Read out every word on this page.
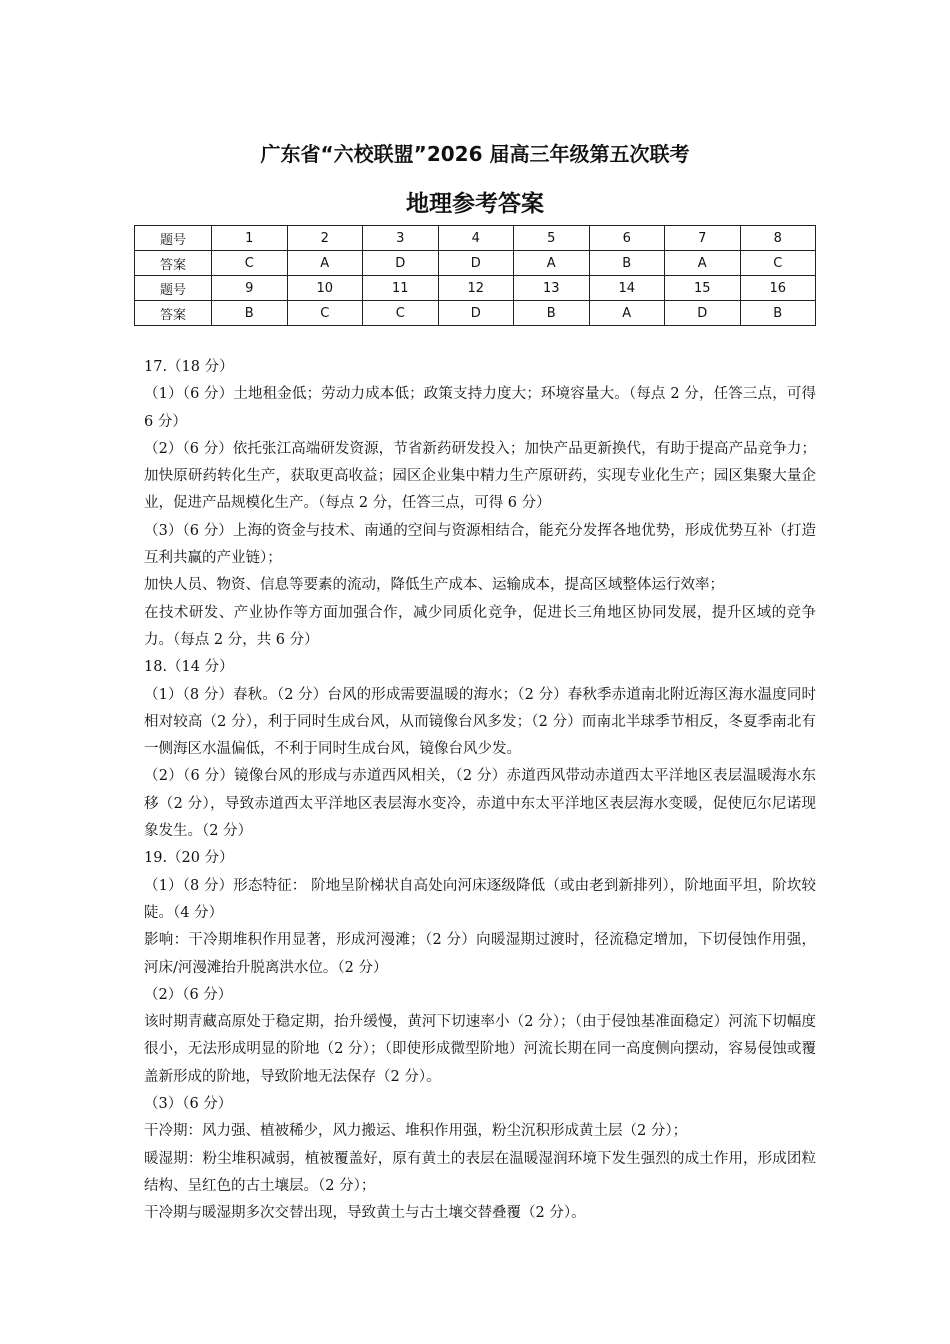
广东省“六校联盟”2026 届高三年级第五次联考
地理参考答案
题号	1	2	3	4	5	6	7	8
答案	C	A	D	D	A	B	A	C
题号	9	10	11	12	13	14	15	16
答案	B	C	C	D	B	A	D	B

17.（18 分）

（1）（6 分）土地租金低；劳动力成本低；政策支持力度大；环境容量大。（每点 2 分，任答三点，可得 6 分）

（2）（6 分）依托张江高端研发资源，节省新药研发投入；加快产品更新换代，有助于提高产品竞争力；加快原研药转化生产，获取更高收益；园区企业集中精力生产原研药，实现专业化生产；园区集聚大量企业，促进产品规模化生产。（每点 2 分，任答三点，可得 6 分）

（3）（6 分）上海的资金与技术、南通的空间与资源相结合，能充分发挥各地优势，形成优势互补（打造互利共赢的产业链）；

加快人员、物资、信息等要素的流动，降低生产成本、运输成本，提高区域整体运行效率；

在技术研发、产业协作等方面加强合作，减少同质化竞争，促进长三角地区协同发展，提升区域的竞争力。（每点 2 分，共 6 分）

18.（14 分）

（1）（8 分）春秋。（2 分）台风的形成需要温暖的海水；（2 分）春秋季赤道南北附近海区海水温度同时相对较高（2 分），利于同时生成台风，从而镜像台风多发；（2 分）而南北半球季节相反，冬夏季南北有一侧海区水温偏低，不利于同时生成台风，镜像台风少发。

（2）（6 分）镜像台风的形成与赤道西风相关，（2 分）赤道西风带动赤道西太平洋地区表层温暖海水东移（2 分），导致赤道西太平洋地区表层海水变冷，赤道中东太平洋地区表层海水变暖，促使厄尔尼诺现象发生。（2 分）

19.（20 分）

（1）（8 分）形态特征： 阶地呈阶梯状自高处向河床逐级降低（或由老到新排列），阶地面平坦，阶坎较陡。（4 分）

影响：干冷期堆积作用显著，形成河漫滩；（2 分）向暖湿期过渡时，径流稳定增加，下切侵蚀作用强，河床/河漫滩抬升脱离洪水位。（2 分）

（2）（6 分）

该时期青藏高原处于稳定期，抬升缓慢，黄河下切速率小（2 分）；（由于侵蚀基准面稳定）河流下切幅度很小，无法形成明显的阶地（2 分）；（即使形成微型阶地）河流长期在同一高度侧向摆动，容易侵蚀或覆盖新形成的阶地，导致阶地无法保存（2 分）。

（3）（6 分）

干冷期：风力强、植被稀少，风力搬运、堆积作用强，粉尘沉积形成黄土层（2 分）；

暖湿期：粉尘堆积减弱，植被覆盖好，原有黄土的表层在温暖湿润环境下发生强烈的成土作用，形成团粒结构、呈红色的古土壤层。（2 分）；

干冷期与暖湿期多次交替出现，导致黄土与古土壤交替叠覆（2 分）。
